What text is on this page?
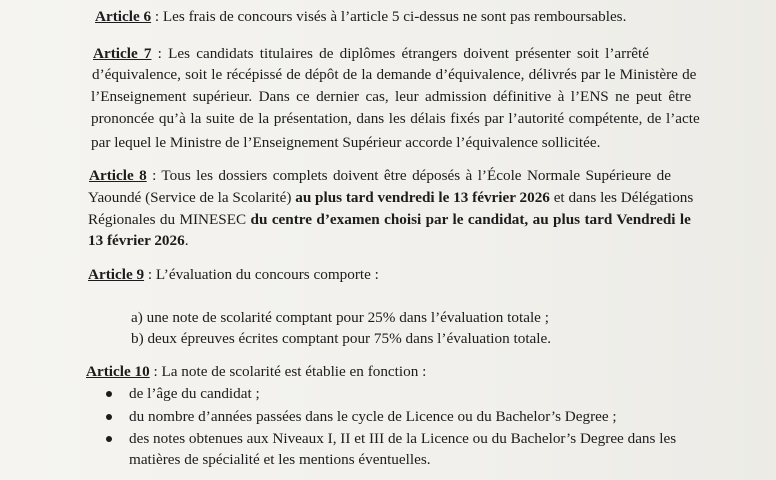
Article 6 : Les frais de concours visés à l’article 5 ci-dessus ne sont pas remboursables.
Article 7 : Les candidats titulaires de diplômes étrangers doivent présenter soit l’arrêté
d’équivalence, soit le récépissé de dépôt de la demande d’équivalence, délivrés par le Ministère de
l’Enseignement supérieur. Dans ce dernier cas, leur admission définitive à l’ENS ne peut être
prononcée qu’à la suite de la présentation, dans les délais fixés par l’autorité compétente, de l’acte
par lequel le Ministre de l’Enseignement Supérieur accorde l’équivalence sollicitée.
Article 8 : Tous les dossiers complets doivent être déposés à l’École Normale Supérieure de
Yaoundé (Service de la Scolarité) au plus tard vendredi le 13 février 2026 et dans les Délégations
Régionales du MINESEC du centre d’examen choisi par le candidat, au plus tard Vendredi le
13 février 2026.
Article 9 : L’évaluation du concours comporte :
a) une note de scolarité comptant pour 25% dans l’évaluation totale ;
b) deux épreuves écrites comptant pour 75% dans l’évaluation totale.
Article 10 : La note de scolarité est établie en fonction :
de l’âge du candidat ;
du nombre d’années passées dans le cycle de Licence ou du Bachelor’s Degree ;
des notes obtenues aux Niveaux I, II et III de la Licence ou du Bachelor’s Degree dans les
matières de spécialité et les mentions éventuelles.
